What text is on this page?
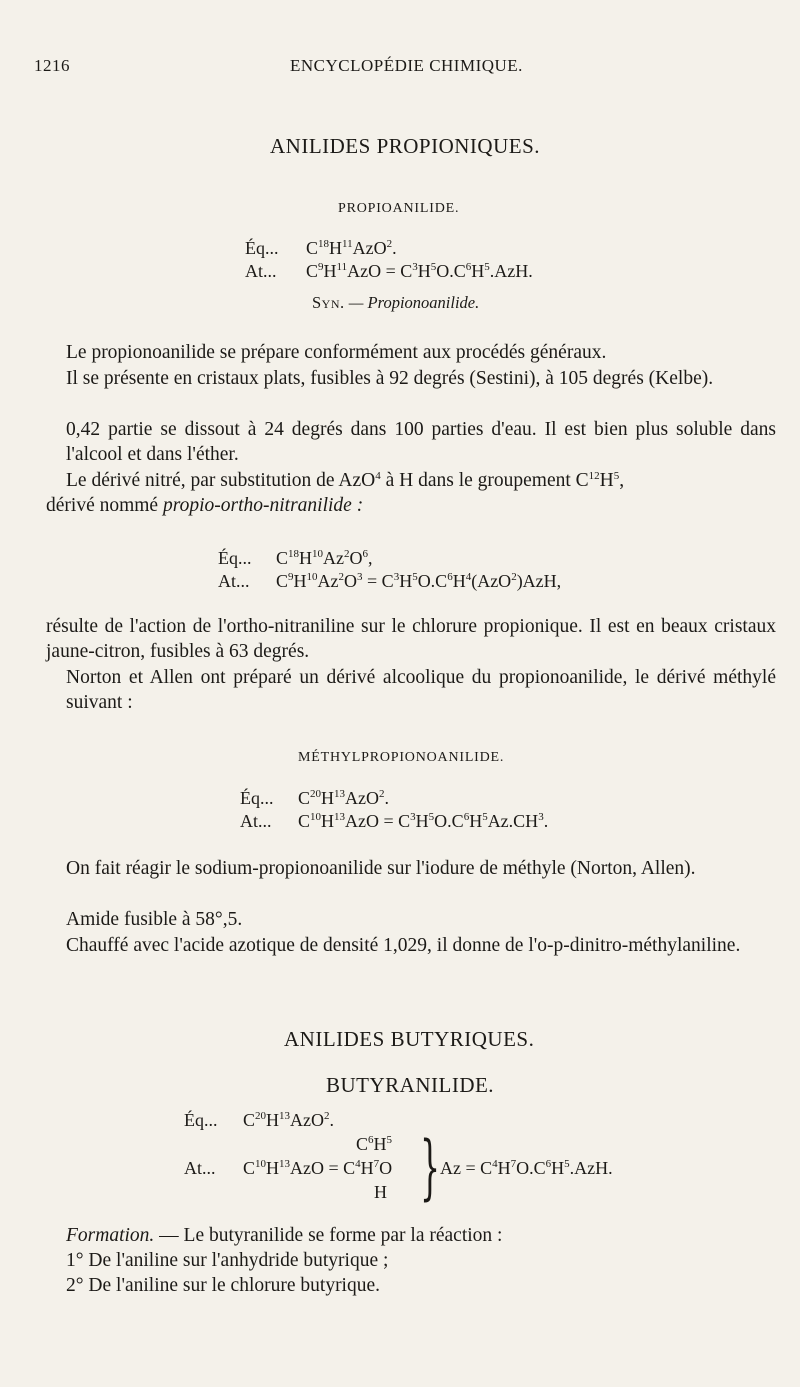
1216	ENCYCLOPÉDIE CHIMIQUE.
ANILIDES PROPIONIQUES.
PROPIOANILIDE.
Éq... $C^{18}H^{11}AzO^2$.
At... $C^9H^{11}AzO = C^3H^5O.C^6H^5.AzH$.
Syn. — Propionoanilide.

Le propionoanilide se prépare conformément aux procédés généraux.

Il se présente en cristaux plats, fusibles à 92 degrés (Sestini), à 105 degrés (Kelbe).

0,42 partie se dissout à 24 degrés dans 100 parties d'eau. Il est bien plus soluble dans l'alcool et dans l'éther.

Le dérivé nitré, par substitution de AzO$^4$ à H dans le groupement $C^{12}H^5$,

dérivé nommé propio-ortho-nitranilide :

Éq... $C^{18}H^{10}Az^2O^6$,
At... $C^9H^{10}Az^2O^3 = C^3H^5O.C^6H^4(AzO^2)AzH$,

résulte de l'action de l'ortho-nitraniline sur le chlorure propionique. Il est en beaux cristaux jaune-citron, fusibles à 63 degrés.

Norton et Allen ont préparé un dérivé alcoolique du propionoanilide, le dérivé méthylé suivant :

MÉTHYLPROPIONOANILIDE.
Éq... $C^{20}H^{13}AzO^2$.
At... $C^{10}H^{13}AzO = C^3H^5O.C^6H^5Az.CH^3$.

On fait réagir le sodium-propionoanilide sur l'iodure de méthyle (Norton, Allen).

Amide fusible à 58°,5.

Chauffé avec l'acide azotique de densité 1,029, il donne de l'o-p-dinitro-méthylaniline.

ANILIDES BUTYRIQUES.
BUTYRANILIDE.
Éq... $C^{20}H^{13}AzO^2$.
$C^6H^5$
At... $C^{10}H^{13}AzO = C^4H^7O$
H } $Az = C^4H^7O.C^6H^5.AzH$.
Formation. — Le butyranilide se forme par la réaction :
1° De l'aniline sur l'anhydride butyrique ;
2° De l'aniline sur le chlorure butyrique.
